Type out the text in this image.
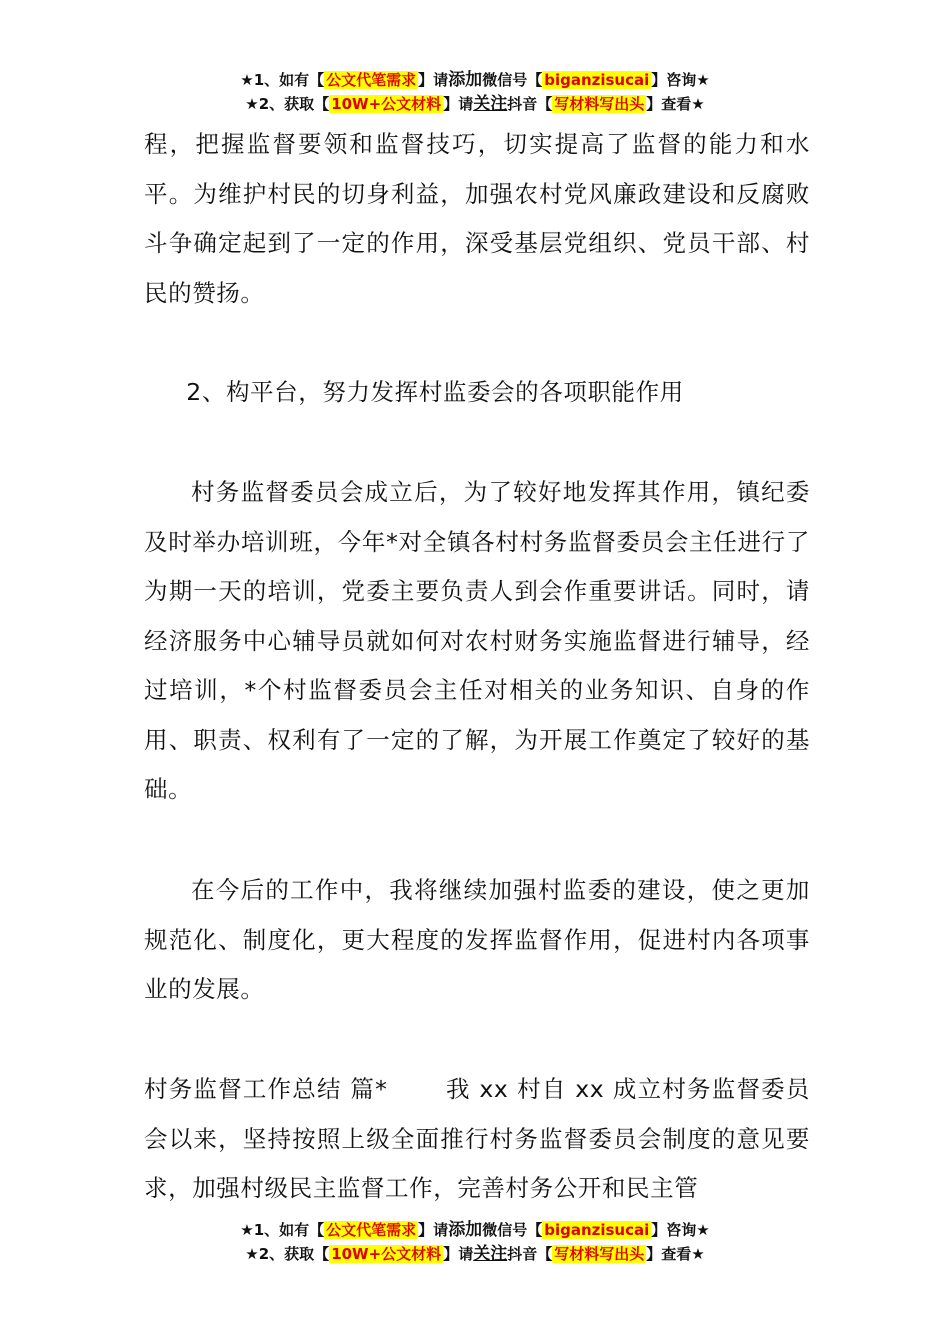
★1、如有【 公文代笔需求 】请添加微信号【 biganzisucai 】咨询★
★2、获取【 10W+公文材料 】请关注抖音【 写材料写出头 】查看★

程，把握监督要领和监督技巧，切实提高了监督的能力和水平。为维护村民的切身利益，加强农村党风廉政建设和反腐败斗争确定起到了一定的作用，深受基层党组织、党员干部、村民的赞扬。

2、构平台，努力发挥村监委会的各项职能作用

村务监督委员会成立后，为了较好地发挥其作用，镇纪委及时举办培训班，今年*对全镇各村村务监督委员会主任进行了为期一天的培训，党委主要负责人到会作重要讲话。同时，请经济服务中心辅导员就如何对农村财务实施监督进行辅导，经过培训，*个村监督委员会主任对相关的业务知识、自身的作用、职责、权利有了一定的了解，为开展工作奠定了较好的基础。

在今后的工作中，我将继续加强村监委的建设，使之更加规范化、制度化，更大程度的发挥监督作用，促进村内各项事业的发展。

村务监督工作总结 篇* 我 xx 村自 xx 成立村务监督委员会以来，坚持按照上级全面推行村务监督委员会制度的意见要求，加强村级民主监督工作，完善村务公开和民主管

★1、如有【 公文代笔需求 】请添加微信号【 biganzisucai 】咨询★
★2、获取【 10W+公文材料 】请关注抖音【 写材料写出头 】查看★
